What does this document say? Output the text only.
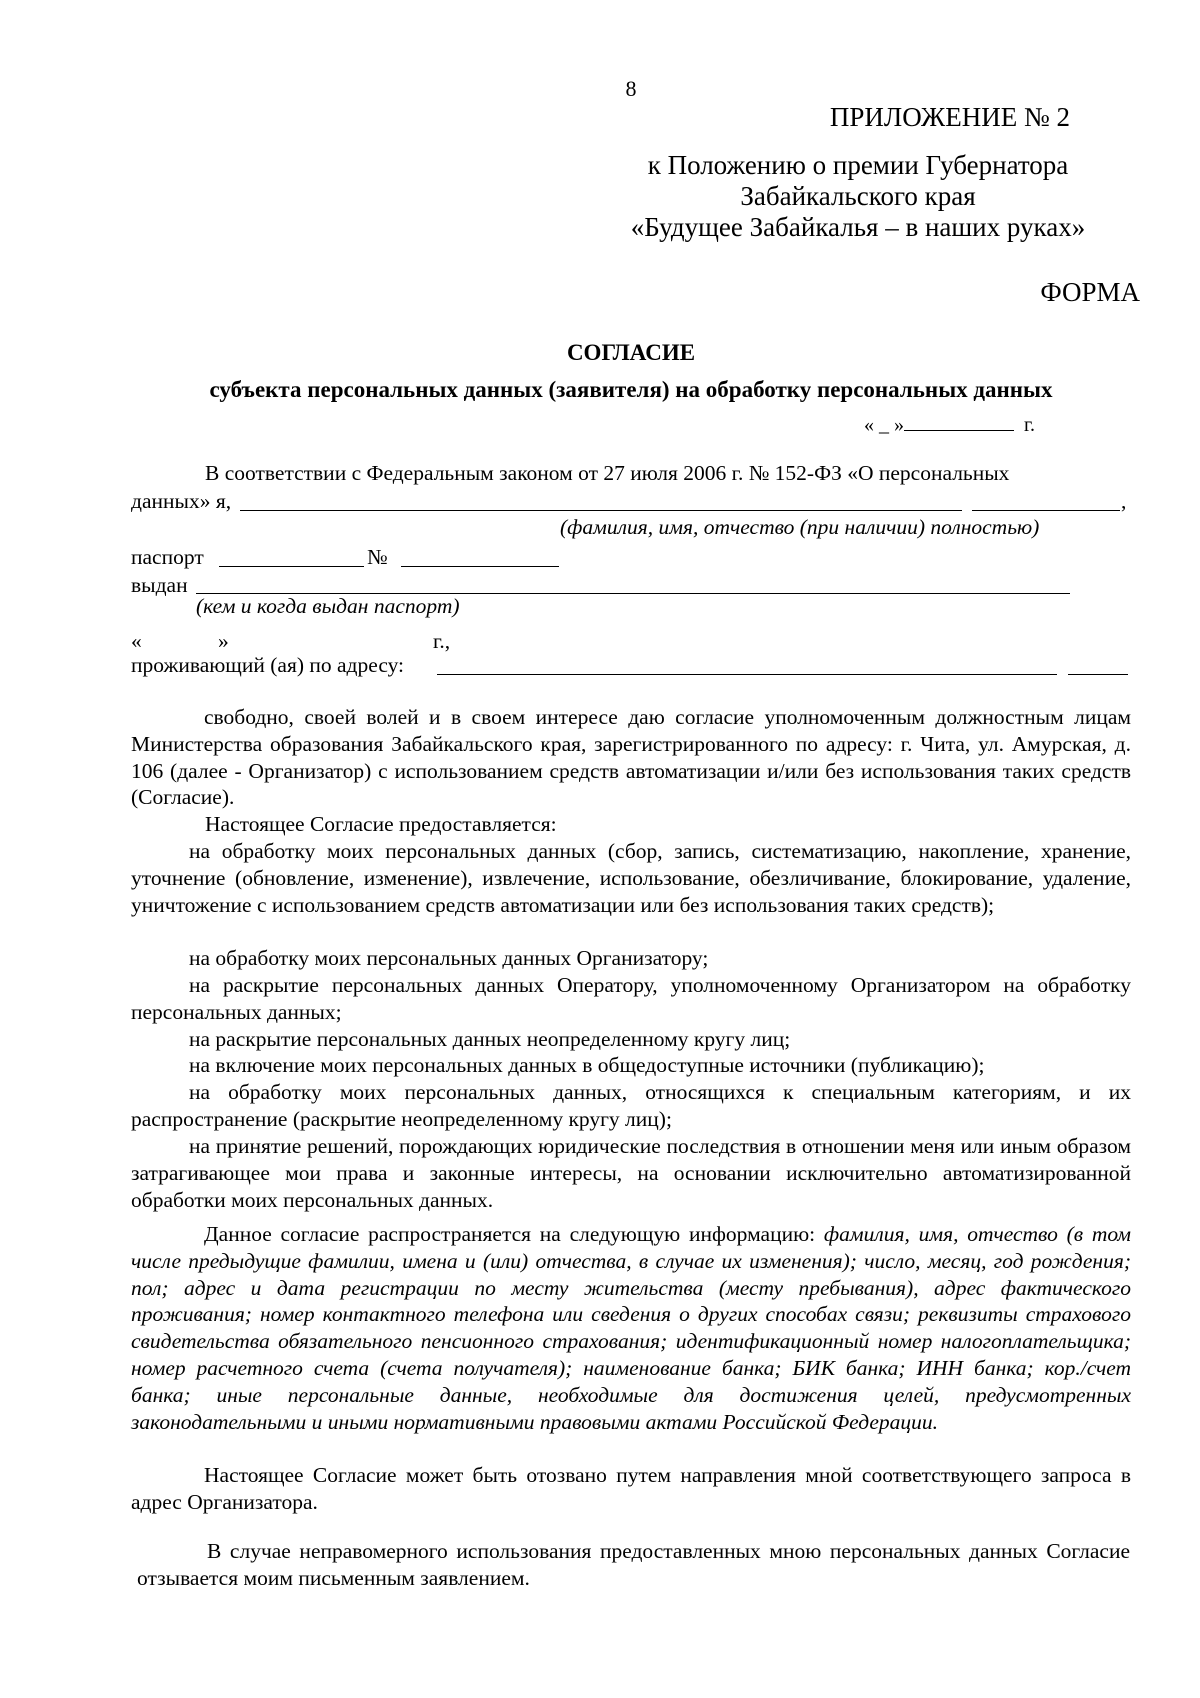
8
ПРИЛОЖЕНИЕ № 2
к Положению о премии Губернатора
Забайкальского края
«Будущее Забайкалья – в наших руках»
ФОРМА
СОГЛАСИЕ
субъекта персональных данных (заявителя) на обработку персональных данных
« _ »	г.
В соответствии с Федеральным законом от 27 июля 2006 г. № 152-ФЗ «О персональных
данных» я,	,
(фамилия, имя, отчество (при наличии) полностью)
паспорт	№
выдан
(кем и когда выдан паспорт)
«	»	г.,
проживающий (ая) по адресу:
свободно, своей волей и в своем интересе даю согласие уполномоченным должностным лицам Министерства образования Забайкальского края, зарегистрированного по адресу: г. Чита, ул. Амурская, д. 106 (далее - Организатор) с использованием средств автоматизации и/или без использования таких средств (Согласие).
Настоящее Согласие предоставляется:
на обработку моих персональных данных (сбор, запись, систематизацию, накопление, хранение, уточнение (обновление, изменение), извлечение, использование, обезличивание, блокирование, удаление, уничтожение с использованием средств автоматизации или без использования таких средств);
на обработку моих персональных данных Организатору;
на раскрытие персональных данных Оператору, уполномоченному Организатором на обработку персональных данных;
на раскрытие персональных данных неопределенному кругу лиц;
на включение моих персональных данных в общедоступные источники (публикацию);
на обработку моих персональных данных, относящихся к специальным категориям, и их распространение (раскрытие неопределенному кругу лиц);
на принятие решений, порождающих юридические последствия в отношении меня или иным образом затрагивающее мои права и законные интересы, на основании исключительно автоматизированной обработки моих персональных данных.
Данное согласие распространяется на следующую информацию: фамилия, имя, отчество (в том числе предыдущие фамилии, имена и (или) отчества, в случае их изменения); число, месяц, год рождения; пол; адрес и дата регистрации по месту жительства (месту пребывания), адрес фактического проживания; номер контактного телефона или сведения о других способах связи; реквизиты страхового свидетельства обязательного пенсионного страхования; идентификационный номер налогоплательщика; номер расчетного счета (счета получателя); наименование банка; БИК банка; ИНН банка; кор./счет банка; иные персональные данные, необходимые для достижения целей, предусмотренных законодательными и иными нормативными правовыми актами Российской Федерации.
Настоящее Согласие может быть отозвано путем направления мной соответствующего запроса в адрес Организатора.
В случае неправомерного использования предоставленных мною персональных данных Согласие отзывается моим письменным заявлением.
